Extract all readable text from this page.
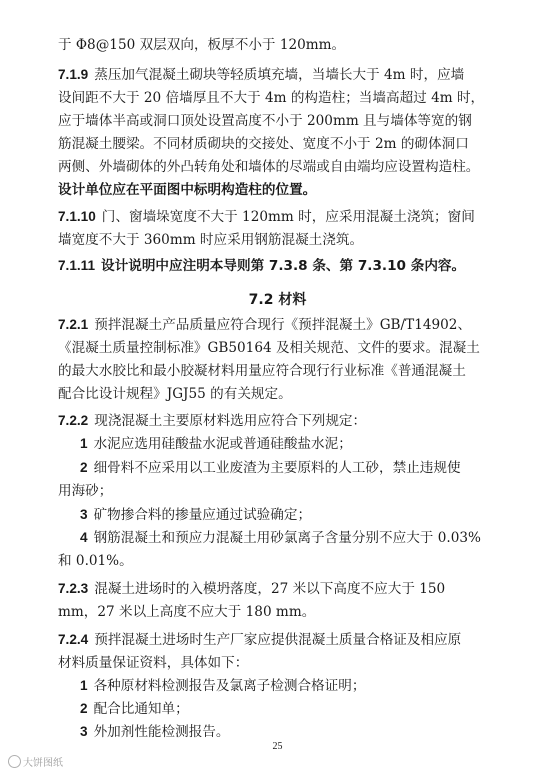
于 Φ8@150 双层双向，板厚不小于 120mm。
7.1.9 蒸压加气混凝土砌块等轻质填充墙，当墙长大于 4m 时，应墙
设间距不大于 20 倍墙厚且不大于 4m 的构造柱；当墙高超过 4m 时，
应于墙体半高或洞口顶处设置高度不小于 200mm 且与墙体等宽的钢
筋混凝土腰梁。不同材质砌块的交接处、宽度不小于 2m 的砌体洞口
两侧、外墙砌体的外凸转角处和墙体的尽端或自由端均应设置构造柱。
设计单位应在平面图中标明构造柱的位置。
7.1.10 门、窗墙垛宽度不大于 120mm 时，应采用混凝土浇筑；窗间
墙宽度不大于 360mm 时应采用钢筋混凝土浇筑。
7.1.11 设计说明中应注明本导则第 7.3.8 条、第 7.3.10 条内容。
7.2 材料
7.2.1 预拌混凝土产品质量应符合现行《预拌混凝土》GB/T14902、
《混凝土质量控制标准》GB50164 及相关规范、文件的要求。混凝土
的最大水胶比和最小胶凝材料用量应符合现行行业标准《普通混凝土
配合比设计规程》JGJ55 的有关规定。
7.2.2 现浇混凝土主要原材料选用应符合下列规定：
1 水泥应选用硅酸盐水泥或普通硅酸盐水泥；
2 细骨料不应采用以工业废渣为主要原料的人工砂，禁止违规使
用海砂；
3 矿物掺合料的掺量应通过试验确定；
4 钢筋混凝土和预应力混凝土用砂氯离子含量分别不应大于 0.03%
和 0.01%。
7.2.3 混凝土进场时的入模坍落度，27 米以下高度不应大于 150
mm，27 米以上高度不应大于 180 mm。
7.2.4 预拌混凝土进场时生产厂家应提供混凝土质量合格证及相应原
材料质量保证资料，具体如下：
1 各种原材料检测报告及氯离子检测合格证明；
2 配合比通知单；
3 外加剂性能检测报告。
25
大饼图纸
